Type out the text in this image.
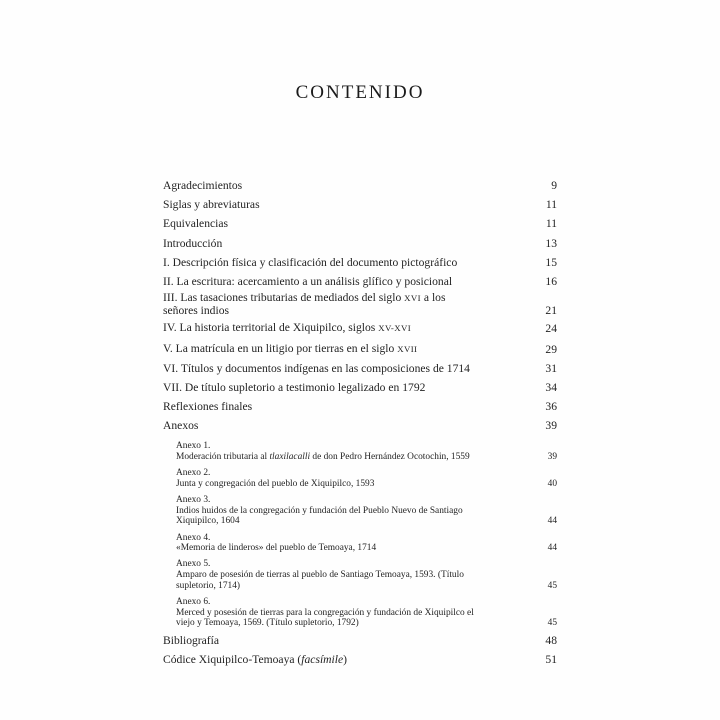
CONTENIDO
Agradecimientos	9
Siglas y abreviaturas	11
Equivalencias	11
Introducción	13
I. Descripción física y clasificación del documento pictográfico	15
II. La escritura: acercamiento a un análisis glífico y posicional	16
III. Las tasaciones tributarias de mediados del siglo XVI a los
señores indios	21
IV. La historia territorial de Xiquipilco, siglos XV-XVI	24
V. La matrícula en un litigio por tierras en el siglo XVII	29
VI. Títulos y documentos indígenas en las composiciones de 1714	31
VII. De título supletorio a testimonio legalizado en 1792	34
Reflexiones finales	36
Anexos	39
Anexo 1.
Moderación tributaria al tlaxilacalli de don Pedro Hernández Ocotochin, 1559	39
Anexo 2.
Junta y congregación del pueblo de Xiquipilco, 1593	40
Anexo 3.
Indios huidos de la congregación y fundación del Pueblo Nuevo de Santiago
Xiquipilco, 1604	44
Anexo 4.
«Memoria de linderos» del pueblo de Temoaya, 1714	44
Anexo 5.
Amparo de posesión de tierras al pueblo de Santiago Temoaya, 1593. (Título
supletorio, 1714)	45
Anexo 6.
Merced y posesión de tierras para la congregación y fundación de Xiquipilco el
viejo y Temoaya, 1569. (Título supletorio, 1792)	45
Bibliografía	48
Códice Xiquipilco-Temoaya (facsímile)	51
